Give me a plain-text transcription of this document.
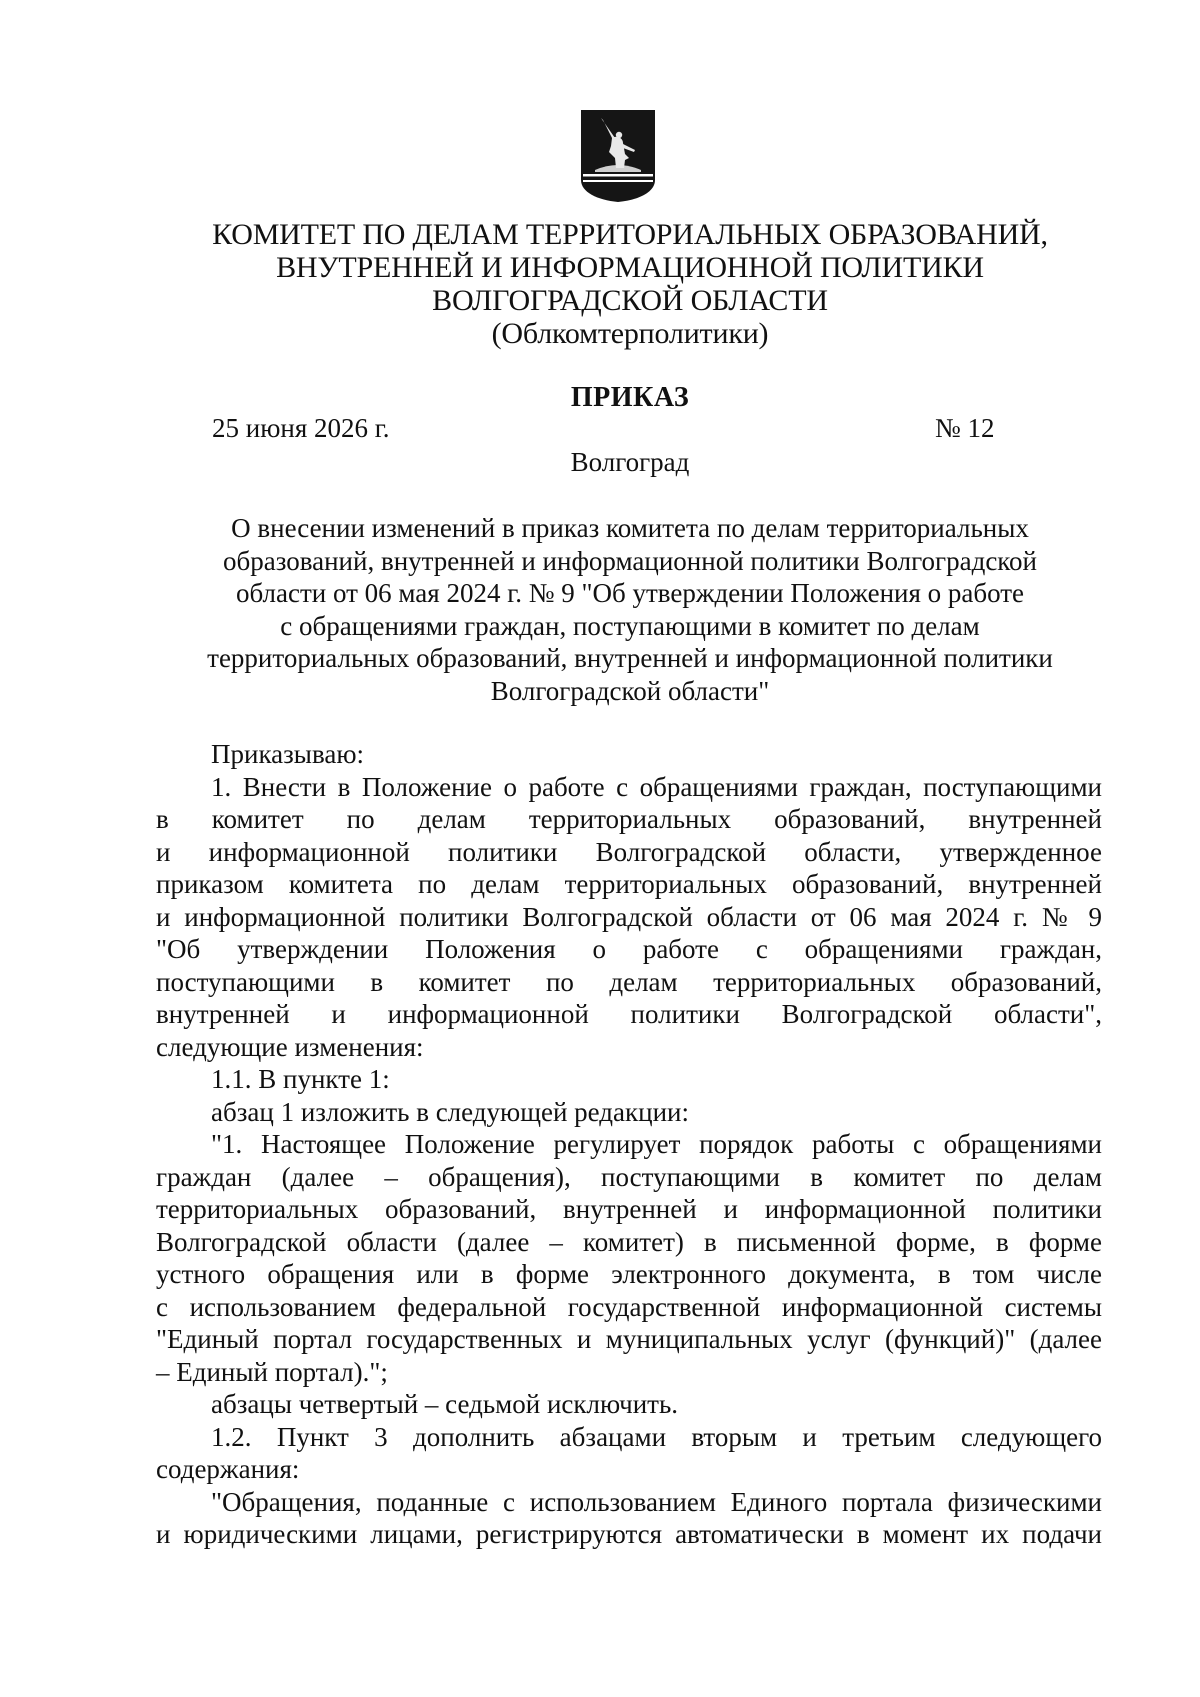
КОМИТЕТ ПО ДЕЛАМ ТЕРРИТОРИАЛЬНЫХ ОБРАЗОВАНИЙ,
ВНУТРЕННЕЙ И ИНФОРМАЦИОННОЙ ПОЛИТИКИ
ВОЛГОГРАДСКОЙ ОБЛАСТИ
(Облкомтерполитики)
ПРИКАЗ
25 июня 2026 г.	№ 12
Волгоград
О внесении изменений в приказ комитета по делам территориальных
образований, внутренней и информационной политики Волгоградской
области от 06 мая 2024 г. № 9 "Об утверждении Положения о работе
с обращениями граждан, поступающими в комитет по делам
территориальных образований, внутренней и информационной политики
Волгоградской области"
Приказываю:
1. Внести в Положение о работе с обращениями граждан, поступающими
в комитет по делам территориальных образований, внутренней
и информационной политики Волгоградской области, утвержденное
приказом комитета по делам территориальных образований, внутренней
и информационной политики Волгоградской области от 06 мая 2024 г. № 9
"Об утверждении Положения о работе с обращениями граждан,
поступающими в комитет по делам территориальных образований,
внутренней и информационной политики Волгоградской области",
следующие изменения:
1.1. В пункте 1:
абзац 1 изложить в следующей редакции:
"1. Настоящее Положение регулирует порядок работы с обращениями
граждан (далее – обращения), поступающими в комитет по делам
территориальных образований, внутренней и информационной политики
Волгоградской области (далее – комитет) в письменной форме, в форме
устного обращения или в форме электронного документа, в том числе
с использованием федеральной государственной информационной системы
"Единый портал государственных и муниципальных услуг (функций)" (далее
– Единый портал).";
абзацы четвертый – седьмой исключить.
1.2. Пункт 3 дополнить абзацами вторым и третьим следующего
содержания:
"Обращения, поданные с использованием Единого портала физическими
и юридическими лицами, регистрируются автоматически в момент их подачи
